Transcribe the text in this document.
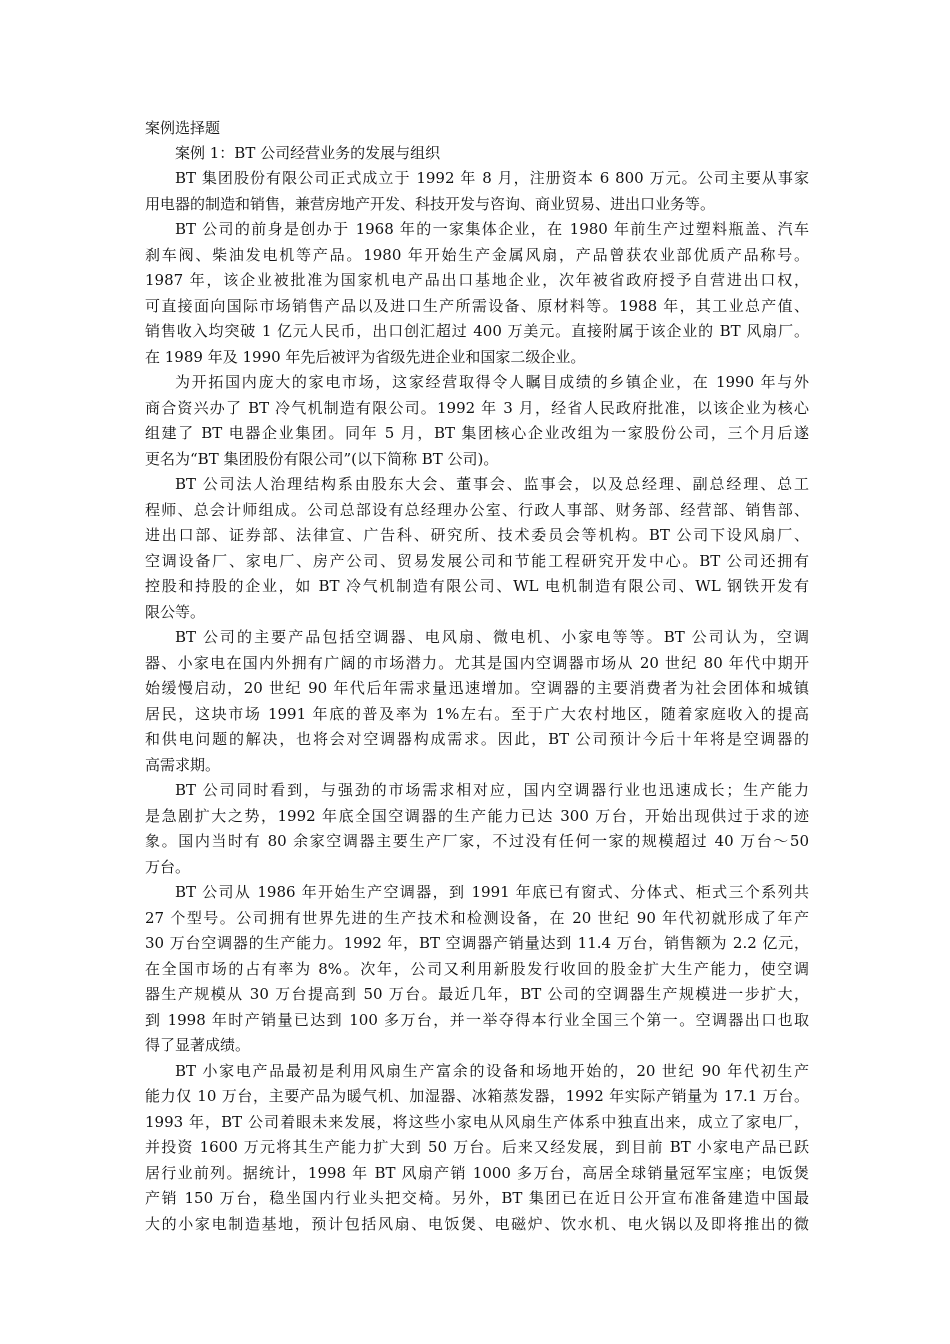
案例选择题
案例 1：BT 公司经营业务的发展与组织
BT 集团股份有限公司正式成立于 1992 年 8 月，注册资本 6 800 万元。公司主要从事家
用电器的制造和销售，兼营房地产开发、科技开发与咨询、商业贸易、进出口业务等。
BT 公司的前身是创办于 1968 年的一家集体企业，在 1980 年前生产过塑料瓶盖、汽车
刹车阀、柴油发电机等产品。1980 年开始生产金属风扇，产品曾获农业部优质产品称号。
1987 年，该企业被批准为国家机电产品出口基地企业，次年被省政府授予自营进出口权，
可直接面向国际市场销售产品以及进口生产所需设备、原材料等。1988 年，其工业总产值、
销售收入均突破 1 亿元人民币，出口创汇超过 400 万美元。直接附属于该企业的 BT 风扇厂。
在 1989 年及 1990 年先后被评为省级先进企业和国家二级企业。
为开拓国内庞大的家电市场，这家经营取得令人瞩目成绩的乡镇企业，在 1990 年与外
商合资兴办了 BT 冷气机制造有限公司。1992 年 3 月，经省人民政府批准，以该企业为核心
组建了 BT 电器企业集团。同年 5 月，BT 集团核心企业改组为一家股份公司，三个月后遂
更名为“BT 集团股份有限公司”(以下简称 BT 公司)。
BT 公司法人治理结构系由股东大会、董事会、监事会，以及总经理、副总经理、总工
程师、总会计师组成。公司总部设有总经理办公室、行政人事部、财务部、经营部、销售部、
进出口部、证券部、法律宣、广告科、研究所、技术委员会等机构。BT 公司下设风扇厂、
空调设备厂、家电厂、房产公司、贸易发展公司和节能工程研究开发中心。BT 公司还拥有
控股和持股的企业，如 BT 冷气机制造有限公司、WL 电机制造有限公司、WL 钢铁开发有
限公等。
BT 公司的主要产品包括空调器、电风扇、微电机、小家电等等。BT 公司认为，空调
器、小家电在国内外拥有广阔的市场潜力。尤其是国内空调器市场从 20 世纪 80 年代中期开
始缓慢启动，20 世纪 90 年代后年需求量迅速增加。空调器的主要消费者为社会团体和城镇
居民，这块市场 1991 年底的普及率为 1%左右。至于广大农村地区，随着家庭收入的提高
和供电问题的解决，也将会对空调器构成需求。因此，BT 公司预计今后十年将是空调器的
高需求期。
BT 公司同时看到，与强劲的市场需求相对应，国内空调器行业也迅速成长；生产能力
是急剧扩大之势，1992 年底全国空调器的生产能力已达 300 万台，开始出现供过于求的迹
象。国内当时有 80 余家空调器主要生产厂家，不过没有任何一家的规模超过 40 万台～50
万台。
BT 公司从 1986 年开始生产空调器，到 1991 年底已有窗式、分体式、柜式三个系列共
27 个型号。公司拥有世界先进的生产技术和检测设备，在 20 世纪 90 年代初就形成了年产
30 万台空调器的生产能力。1992 年，BT 空调器产销量达到 11.4 万台，销售额为 2.2 亿元，
在全国市场的占有率为 8%。次年，公司又利用新股发行收回的股金扩大生产能力，使空调
器生产规模从 30 万台提高到 50 万台。最近几年，BT 公司的空调器生产规模进一步扩大，
到 1998 年时产销量已达到 100 多万台，并一举夺得本行业全国三个第一。空调器出口也取
得了显著成绩。
BT 小家电产品最初是利用风扇生产富余的设备和场地开始的，20 世纪 90 年代初生产
能力仅 10 万台，主要产品为暖气机、加湿器、冰箱蒸发器，1992 年实际产销量为 17.1 万台。
1993 年，BT 公司着眼未来发展，将这些小家电从风扇生产体系中独直出来，成立了家电厂，
并投资 1600 万元将其生产能力扩大到 50 万台。后来又经发展，到目前 BT 小家电产品已跃
居行业前列。据统计，1998 年 BT 风扇产销 1000 多万台，高居全球销量冠军宝座；电饭煲
产销 150 万台，稳坐国内行业头把交椅。另外，BT 集团已在近日公开宣布准备建造中国最
大的小家电制造基地，预计包括风扇、电饭煲、电磁炉、饮水机、电火锅以及即将推出的微
